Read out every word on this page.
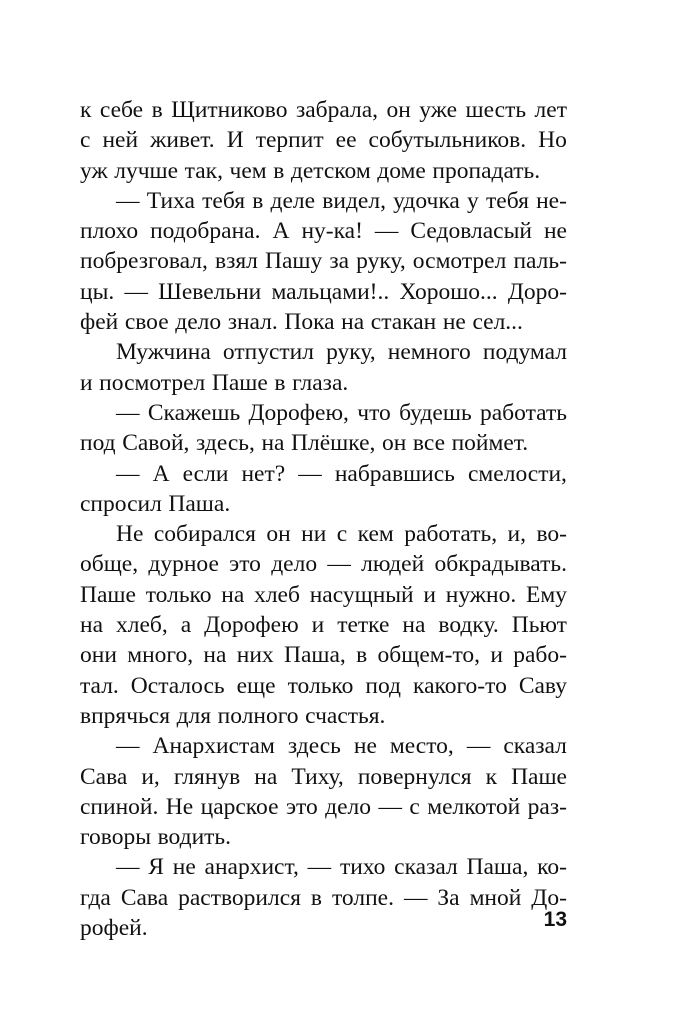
к себе в Щитниково забрала, он уже шесть лет
с ней живет. И терпит ее собутыльников. Но
уж лучше так, чем в детском доме пропадать.
— Тиха тебя в деле видел, удочка у тебя не-
плохо подобрана. А ну-ка! — Седовласый не
побрезговал, взял Пашу за руку, осмотрел паль-
цы. — Шевельни мальцами!.. Хорошо... Доро-
фей свое дело знал. Пока на стакан не сел...
Мужчина отпустил руку, немного подумал
и посмотрел Паше в глаза.
— Скажешь Дорофею, что будешь работать
под Савой, здесь, на Плёшке, он все поймет.
— А если нет? — набравшись смелости,
спросил Паша.
Не собирался он ни с кем работать, и, во-
обще, дурное это дело — людей обкрадывать.
Паше только на хлеб насущный и нужно. Ему
на хлеб, а Дорофею и тетке на водку. Пьют
они много, на них Паша, в общем-то, и рабо-
тал. Осталось еще только под какого-то Саву
впрячься для полного счастья.
— Анархистам здесь не место, — сказал
Сава и, глянув на Тиху, повернулся к Паше
спиной. Не царское это дело — с мелкотой раз-
говоры водить.
— Я не анархист, — тихо сказал Паша, ко-
гда Сава растворился в толпе. — За мной До-
рофей.	13
